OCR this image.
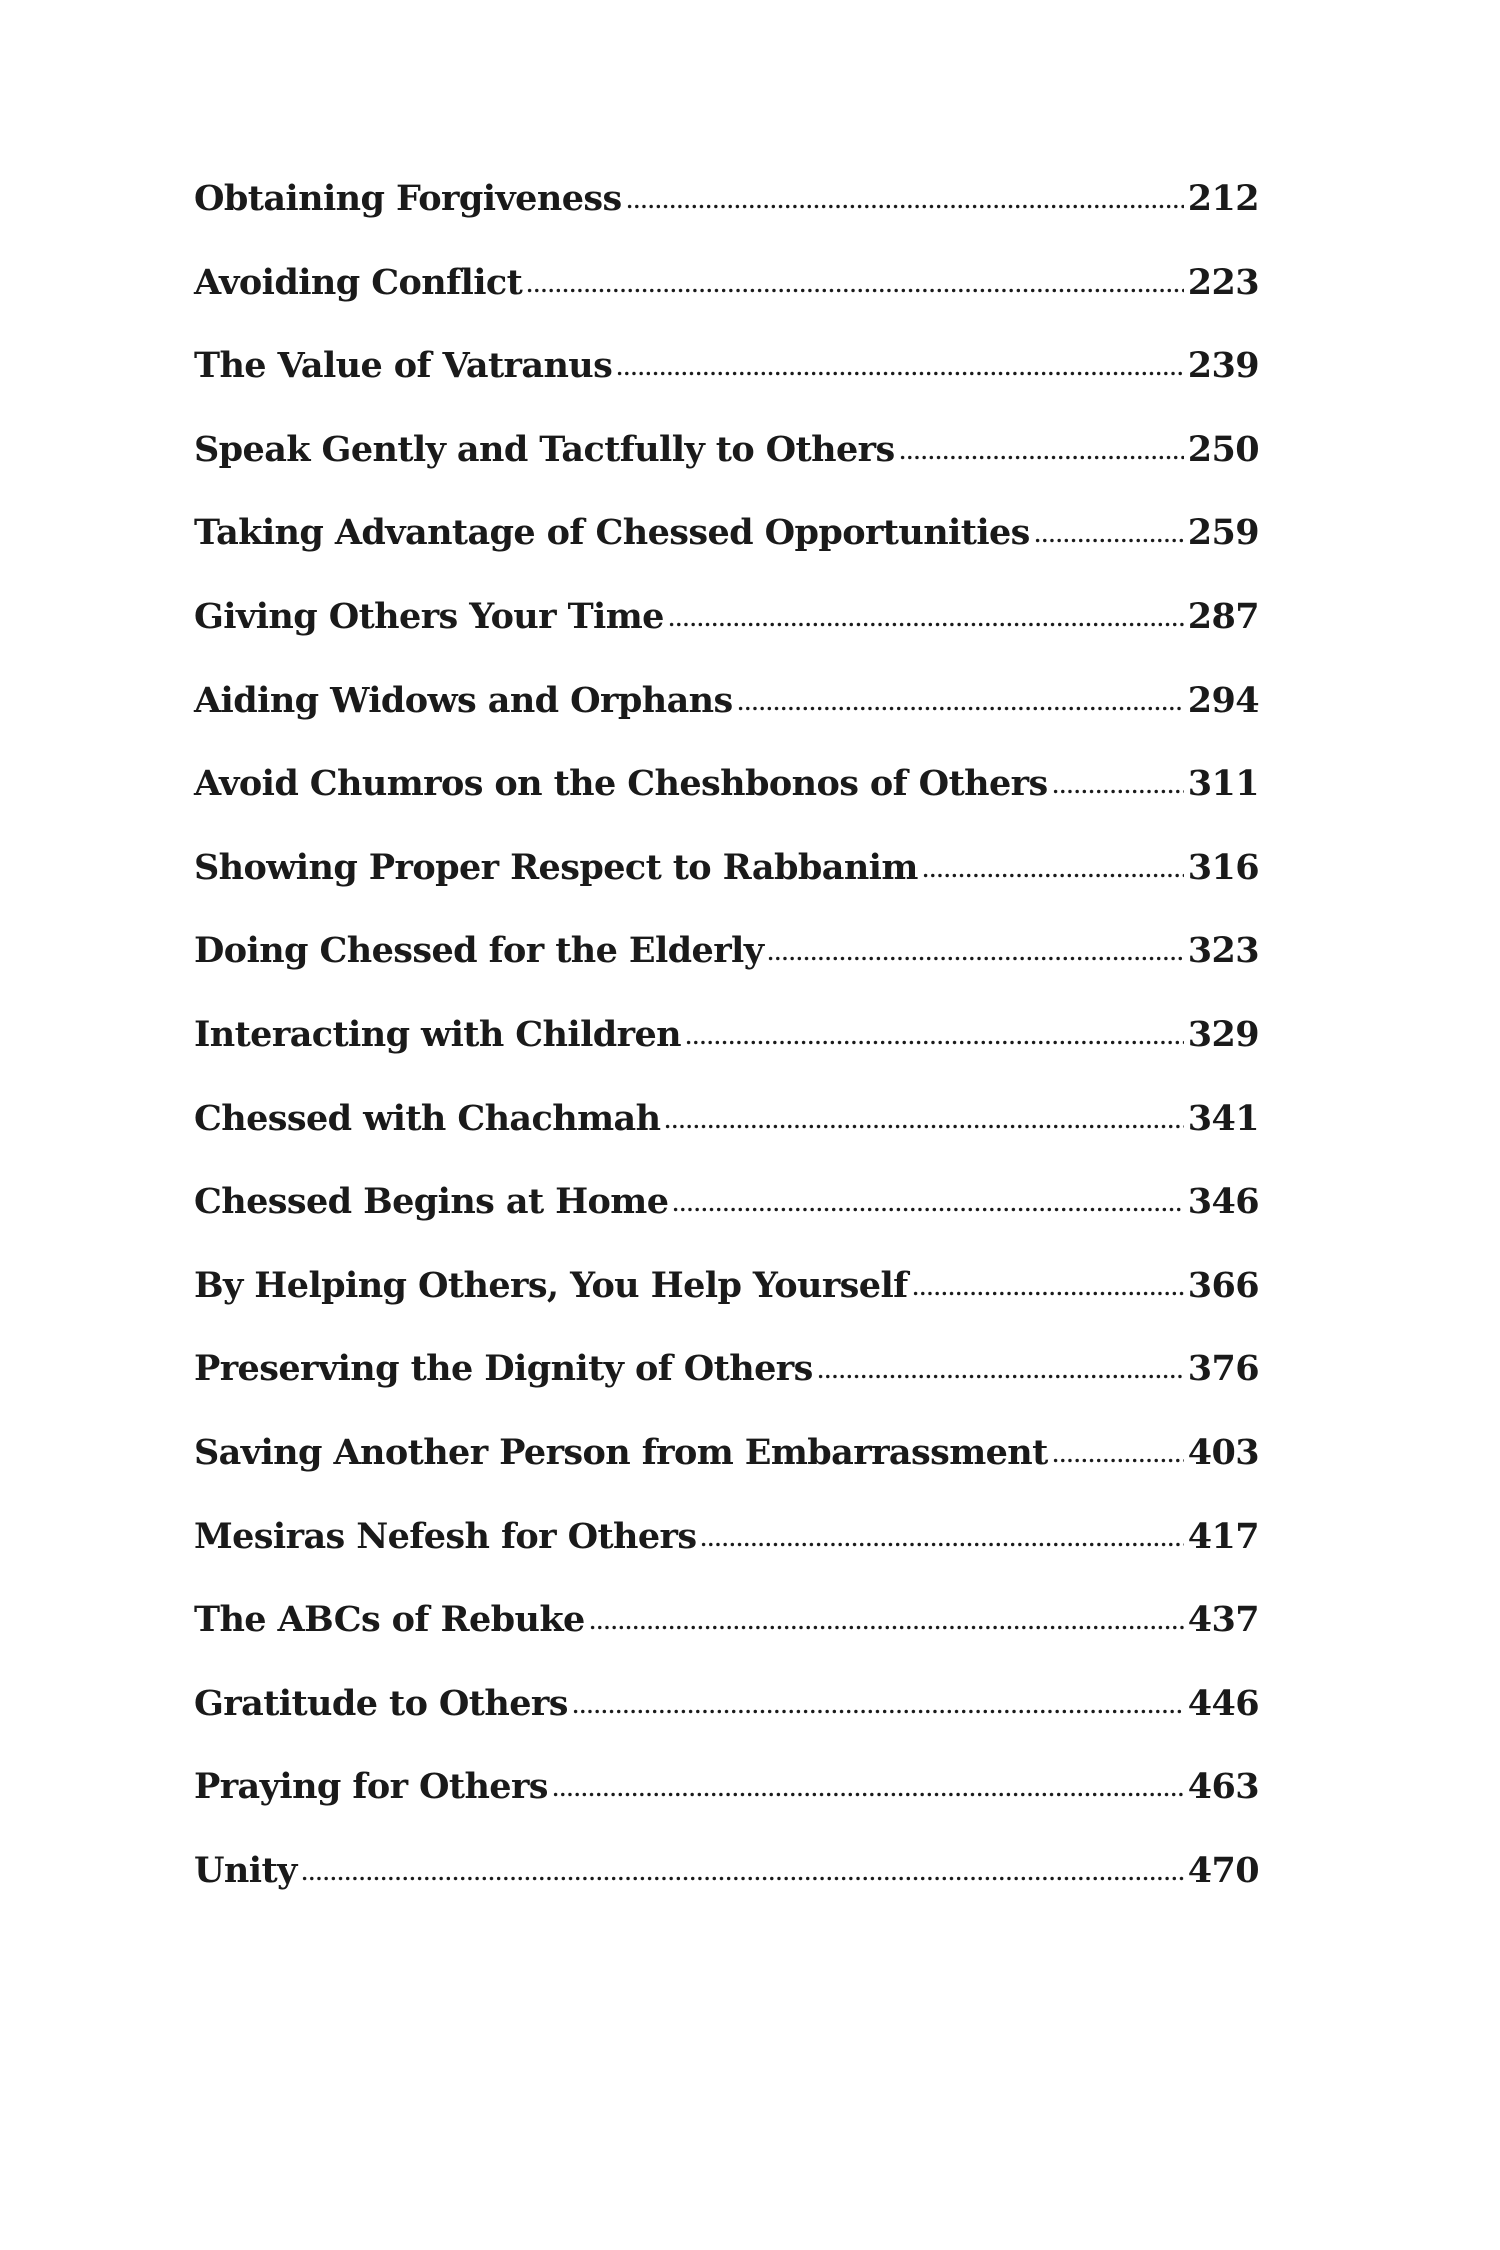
Obtaining Forgiveness	212
Avoiding Conflict	223
The Value of Vatranus	239
Speak Gently and Tactfully to Others	250
Taking Advantage of Chessed Opportunities	259
Giving Others Your Time	287
Aiding Widows and Orphans	294
Avoid Chumros on the Cheshbonos of Others	311
Showing Proper Respect to Rabbanim	316
Doing Chessed for the Elderly	323
Interacting with Children	329
Chessed with Chachmah	341
Chessed Begins at Home	346
By Helping Others, You Help Yourself	366
Preserving the Dignity of Others	376
Saving Another Person from Embarrassment	403
Mesiras Nefesh for Others	417
The ABCs of Rebuke	437
Gratitude to Others	446
Praying for Others	463
Unity	470
